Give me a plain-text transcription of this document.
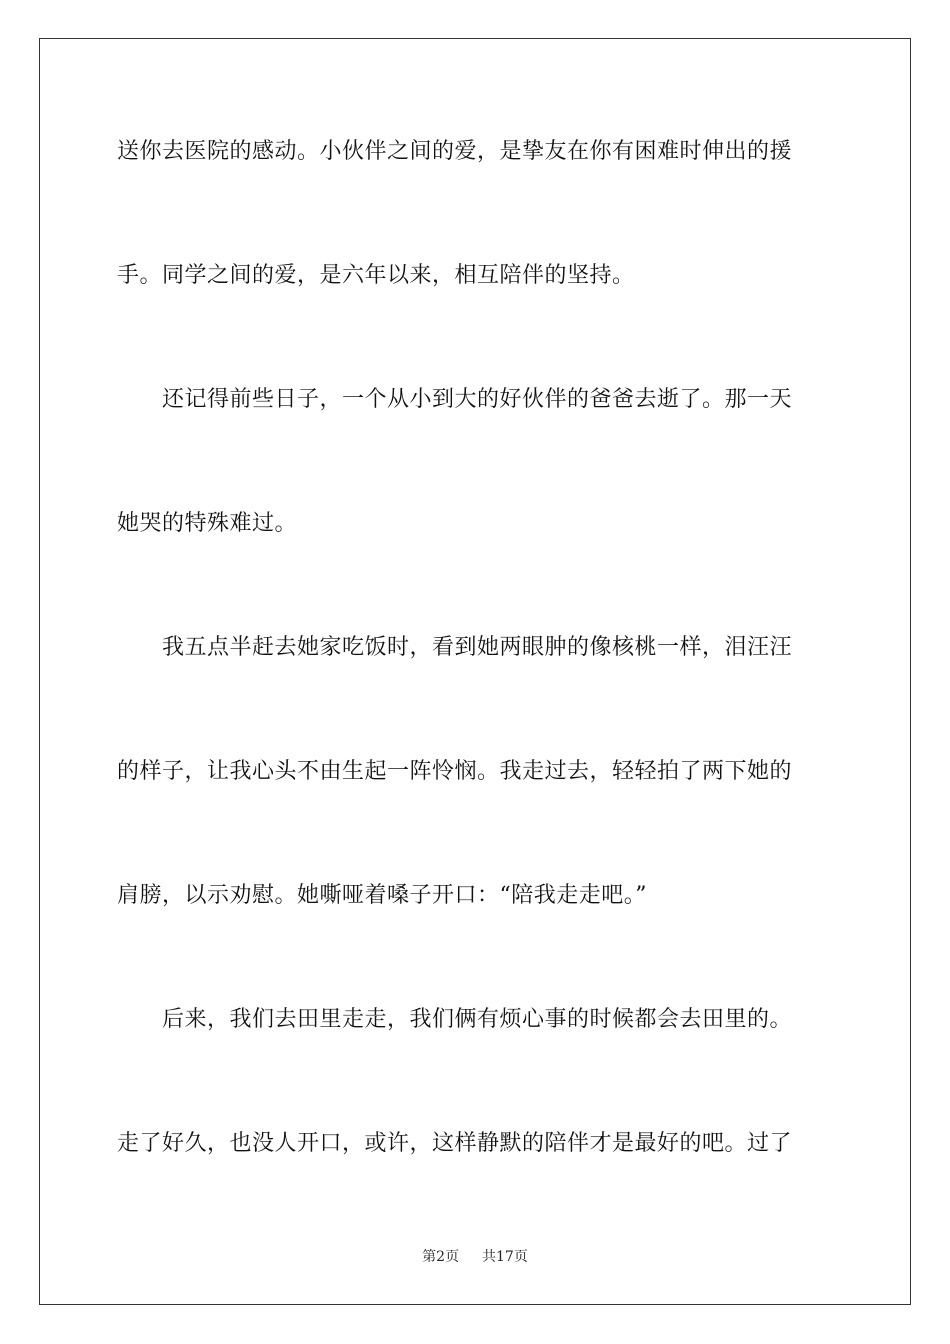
送你去医院的感动。小伙伴之间的爱，是挚友在你有困难时伸出的援
手。同学之间的爱，是六年以来，相互陪伴的坚持。
　　还记得前些日子，一个从小到大的好伙伴的爸爸去逝了。那一天
她哭的特殊难过。
　　我五点半赶去她家吃饭时，看到她两眼肿的像核桃一样，泪汪汪
的样子，让我心头不由生起一阵怜悯。我走过去，轻轻拍了两下她的
肩膀，以示劝慰。她嘶哑着嗓子开口：“陪我走走吧。”
　　后来，我们去田里走走，我们俩有烦心事的时候都会去田里的。
走了好久，也没人开口，或许，这样静默的陪伴才是最好的吧。过了
第2页 共17页
